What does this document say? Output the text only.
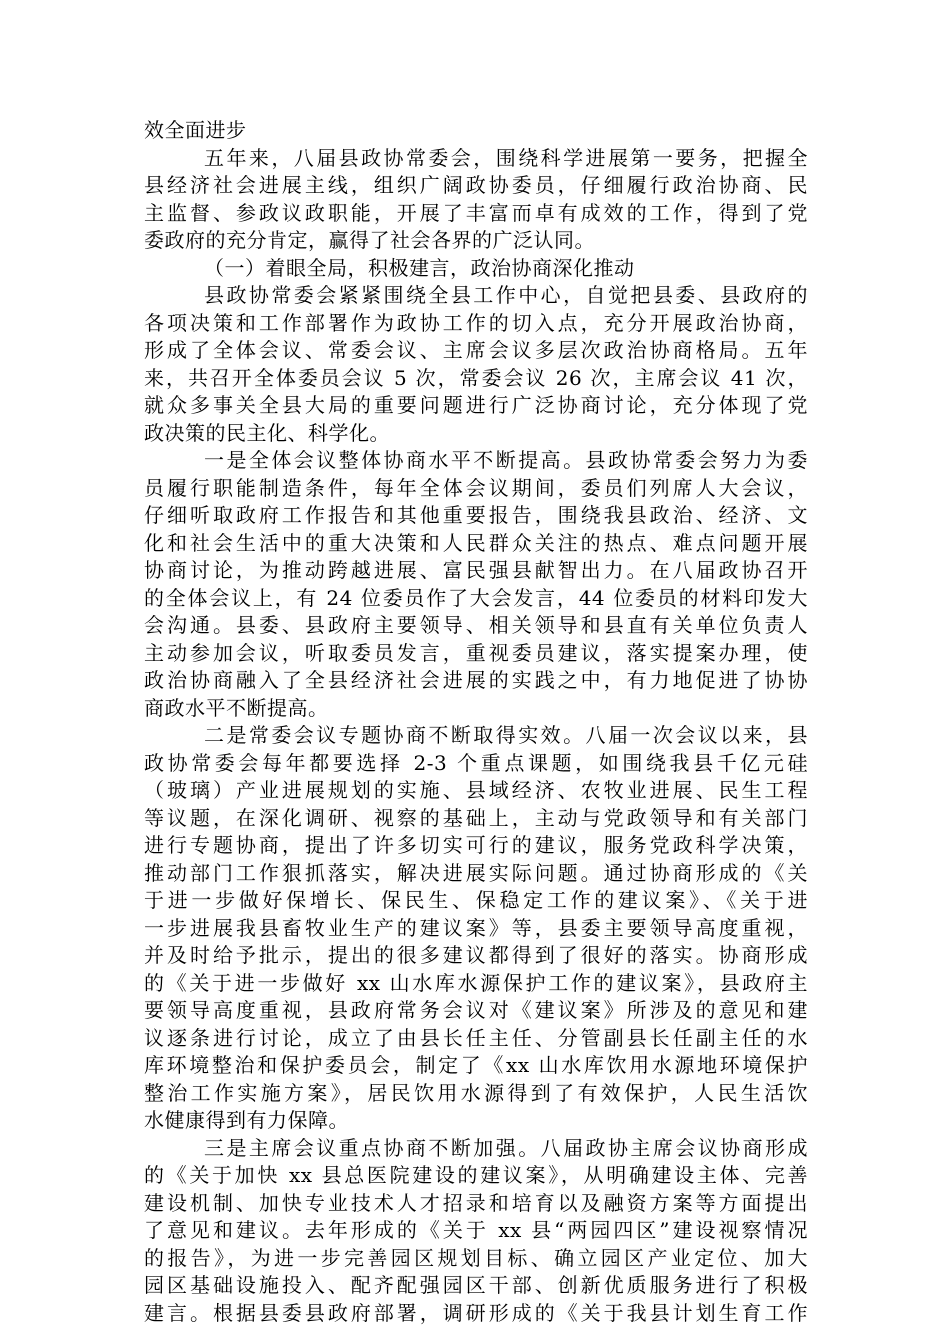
效全面进步
五年来，八届县政协常委会，围绕科学进展第一要务，把握全
县经济社会进展主线，组织广阔政协委员，仔细履行政治协商、民
主监督、参政议政职能，开展了丰富而卓有成效的工作，得到了党
委政府的充分肯定，赢得了社会各界的广泛认同。
（一）着眼全局，积极建言，政治协商深化推动
县政协常委会紧紧围绕全县工作中心，自觉把县委、县政府的
各项决策和工作部署作为政协工作的切入点，充分开展政治协商，
形成了全体会议、常委会议、主席会议多层次政治协商格局。五年
来，共召开全体委员会议 5 次，常委会议 26 次，主席会议 41 次，
就众多事关全县大局的重要问题进行广泛协商讨论，充分体现了党
政决策的民主化、科学化。
一是全体会议整体协商水平不断提高。县政协常委会努力为委
员履行职能制造条件，每年全体会议期间，委员们列席人大会议，
仔细听取政府工作报告和其他重要报告，围绕我县政治、经济、文
化和社会生活中的重大决策和人民群众关注的热点、难点问题开展
协商讨论，为推动跨越进展、富民强县献智出力。在八届政协召开
的全体会议上，有 24 位委员作了大会发言，44 位委员的材料印发大
会沟通。县委、县政府主要领导、相关领导和县直有关单位负责人
主动参加会议，听取委员发言，重视委员建议，落实提案办理，使
政治协商融入了全县经济社会进展的实践之中，有力地促进了协协
商政水平不断提高。
二是常委会议专题协商不断取得实效。八届一次会议以来，县
政协常委会每年都要选择 2-3 个重点课题，如围绕我县千亿元硅
（玻璃）产业进展规划的实施、县域经济、农牧业进展、民生工程
等议题，在深化调研、视察的基础上，主动与党政领导和有关部门
进行专题协商，提出了许多切实可行的建议，服务党政科学决策，
推动部门工作狠抓落实，解决进展实际问题。通过协商形成的《关
于进一步做好保增长、保民生、保稳定工作的建议案》、《关于进
一步进展我县畜牧业生产的建议案》等，县委主要领导高度重视，
并及时给予批示，提出的很多建议都得到了很好的落实。协商形成
的《关于进一步做好 xx 山水库水源保护工作的建议案》，县政府主
要领导高度重视，县政府常务会议对《建议案》所涉及的意见和建
议逐条进行讨论，成立了由县长任主任、分管副县长任副主任的水
库环境整治和保护委员会，制定了《xx 山水库饮用水源地环境保护
整治工作实施方案》，居民饮用水源得到了有效保护，人民生活饮
水健康得到有力保障。
三是主席会议重点协商不断加强。八届政协主席会议协商形成
的《关于加快 xx 县总医院建设的建议案》，从明确建设主体、完善
建设机制、加快专业技术人才招录和培育以及融资方案等方面提出
了意见和建议。去年形成的《关于 xx 县“两园四区”建设视察情况
的报告》，为进一步完善园区规划目标、确立园区产业定位、加大
园区基础设施投入、配齐配强园区干部、创新优质服务进行了积极
建言。根据县委县政府部署，调研形成的《关于我县计划生育工作
